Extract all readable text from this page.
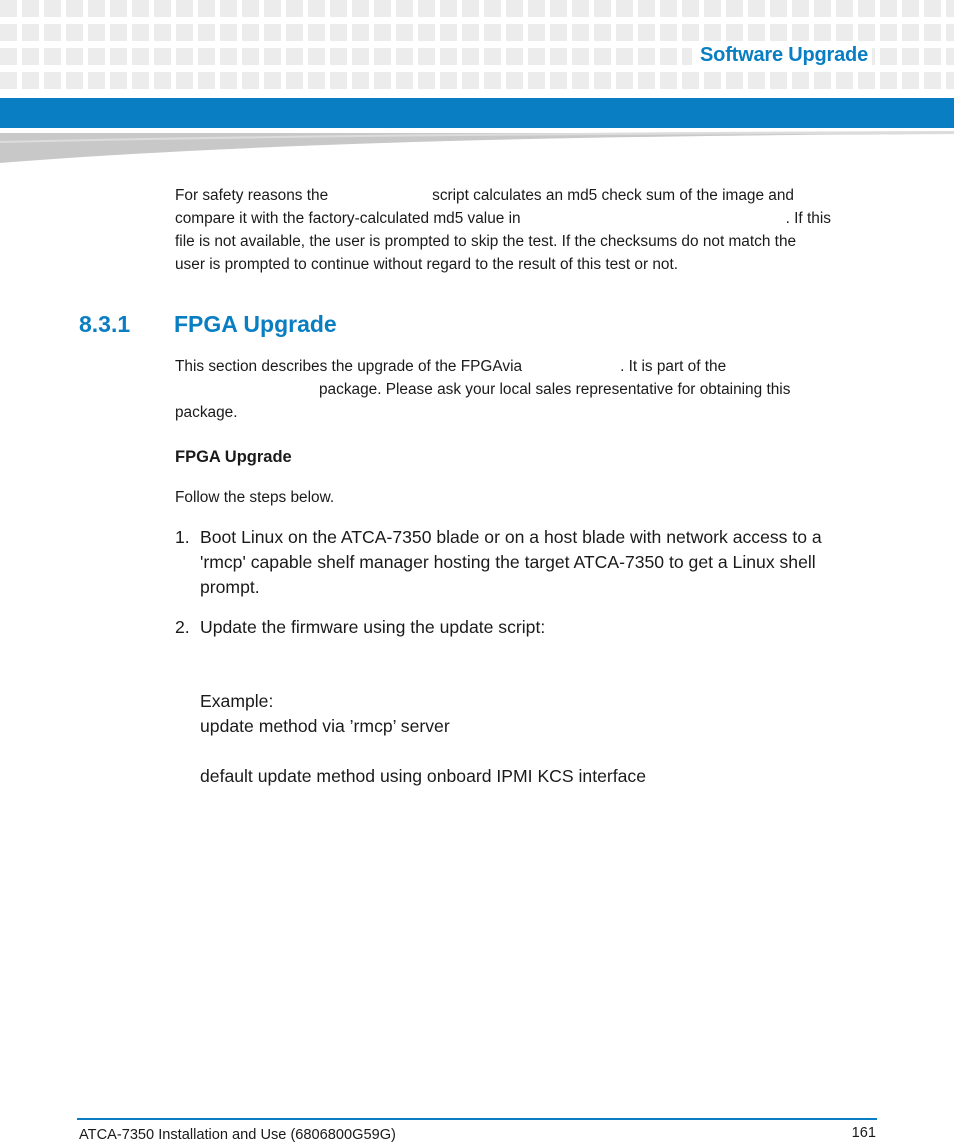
Software Upgrade
For safety reasons the	script calculates an md5 check sum of the image and
compare it with the factory-calculated md5 value in	. If this
file is not available, the user is prompted to skip the test. If the checksums do not match the
user is prompted to continue without regard to the result of this test or not.
8.3.1 FPGA Upgrade
This section describes the upgrade of the FPGAvia	. It is part of the
package. Please ask your local sales representative for obtaining this
package.
FPGA Upgrade
Follow the steps below.
1. Boot Linux on the ATCA-7350 blade or on a host blade with network access to a 'rmcp' capable shelf manager hosting the target ATCA-7350 to get a Linux shell prompt.
2. Update the firmware using the update script:
Example:
update method via ’rmcp’ server
default update method using onboard IPMI KCS interface
ATCA-7350 Installation and Use (6806800G59G)	161
